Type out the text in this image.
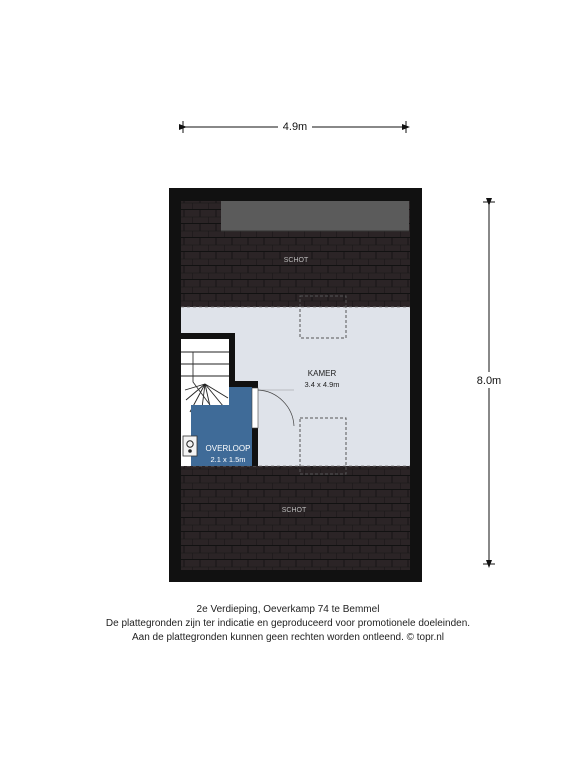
4.9m
8.0m
KAMER
3.4 x 4.9m
OVERLOOP
2.1 x 1.5m
SCHOT
SCHOT
2e Verdieping, Oeverkamp 74 te Bemmel
De plattegronden zijn ter indicatie en geproduceerd voor promotionele doeleinden.
Aan de plattegronden kunnen geen rechten worden ontleend. © topr.nl
